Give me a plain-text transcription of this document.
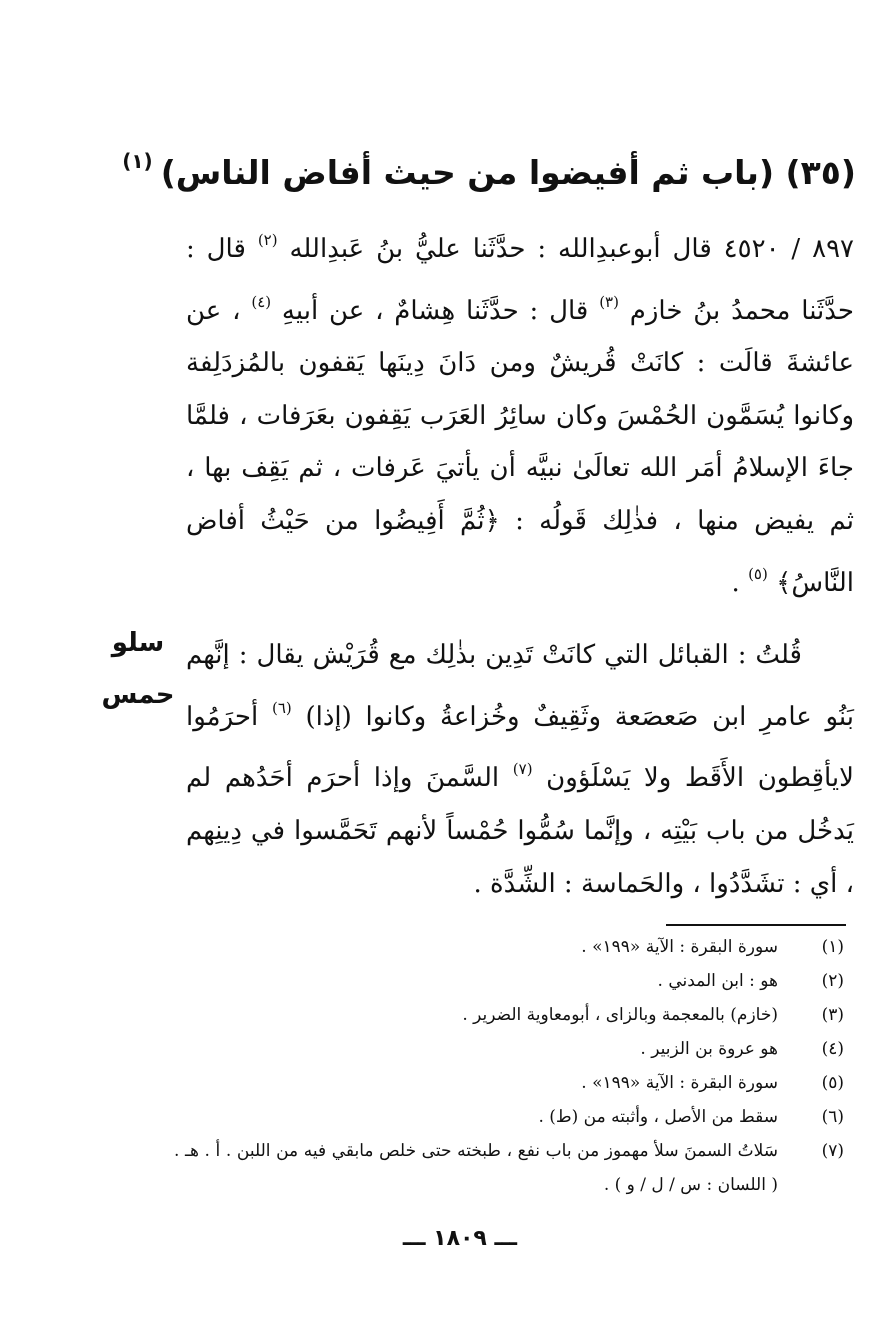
(٣٥) (باب ثم أفيضوا من حيث أفاض الناس)$^{(١)}$

٨٩٧ / ٤٥٢٠ قال أبوعبدِالله : حدَّثَنا عليُّ بنُ عَبدِالله $^{(٢)}$ قال : حدَّثَنا محمدُ بنُ خازم $^{(٣)}$ قال : حدَّثَنا هِشامٌ ، عن أبيهِ $^{(٤)}$ ، عن عائشةَ قالَت : كانَتْ قُريشٌ ومن دَانَ دِينَها يَقفون بالمُزدَلِفة وكانوا يُسَمَّون الحُمْسَ وكان سائِرُ العَرَب يَقِفون بعَرَفات ، فلمَّا جاءَ الإسلامُ أمَر الله تعالَىٰ نبيَّه أن يأتيَ عَرفات ، ثم يَقِف بها ، ثم يفيض منها ، فذٰلِك قَولُه : ﴿ثُمَّ أَفِيضُوا من حَيْثُ أفاض النَّاسُ﴾ $^{(٥)}$ .

قُلتُ : القبائل التي كانَتْ تَدِين بذٰلِك مع قُرَيْش يقال : إنَّهم بَنُو عامرِ ابن صَعصَعة وثَقِيفٌ وخُزاعةُ وكانوا (إذا) $^{(٦)}$ أحرَمُوا لايأقِطون الأَقَط ولا يَسْلَؤون $^{(٧)}$ السَّمنَ وإذا أحرَم أحَدُهم لم يَدخُل من باب بَيْتِه ، وإنَّما سُمُّوا حُمْساً لأنهم تَحَمَّسوا في دِينِهم ، أي : تشَدَّدُوا ، والحَماسة : الشِّدَّة .

سلو
حمس
(١)
سورة البقرة : الآية «١٩٩» .
(٢)
هو : ابن المدني .
(٣)
(خازم) بالمعجمة وبالزاى ، أبومعاوية الضرير .
(٤)
هو عروة بن الزبير .
(٥)
سورة البقرة : الآية «١٩٩» .
(٦)
سقط من الأصل ، وأثبته من (ط) .
(٧)
سَلاتُ السمنَ سلأ مهموز من باب نفع ، طبخته حتى خلص مابقي فيه من اللبن . أ . هـ . ( اللسان : س / ل / و ) .
ـــ ١٨٠٩ ـــ
